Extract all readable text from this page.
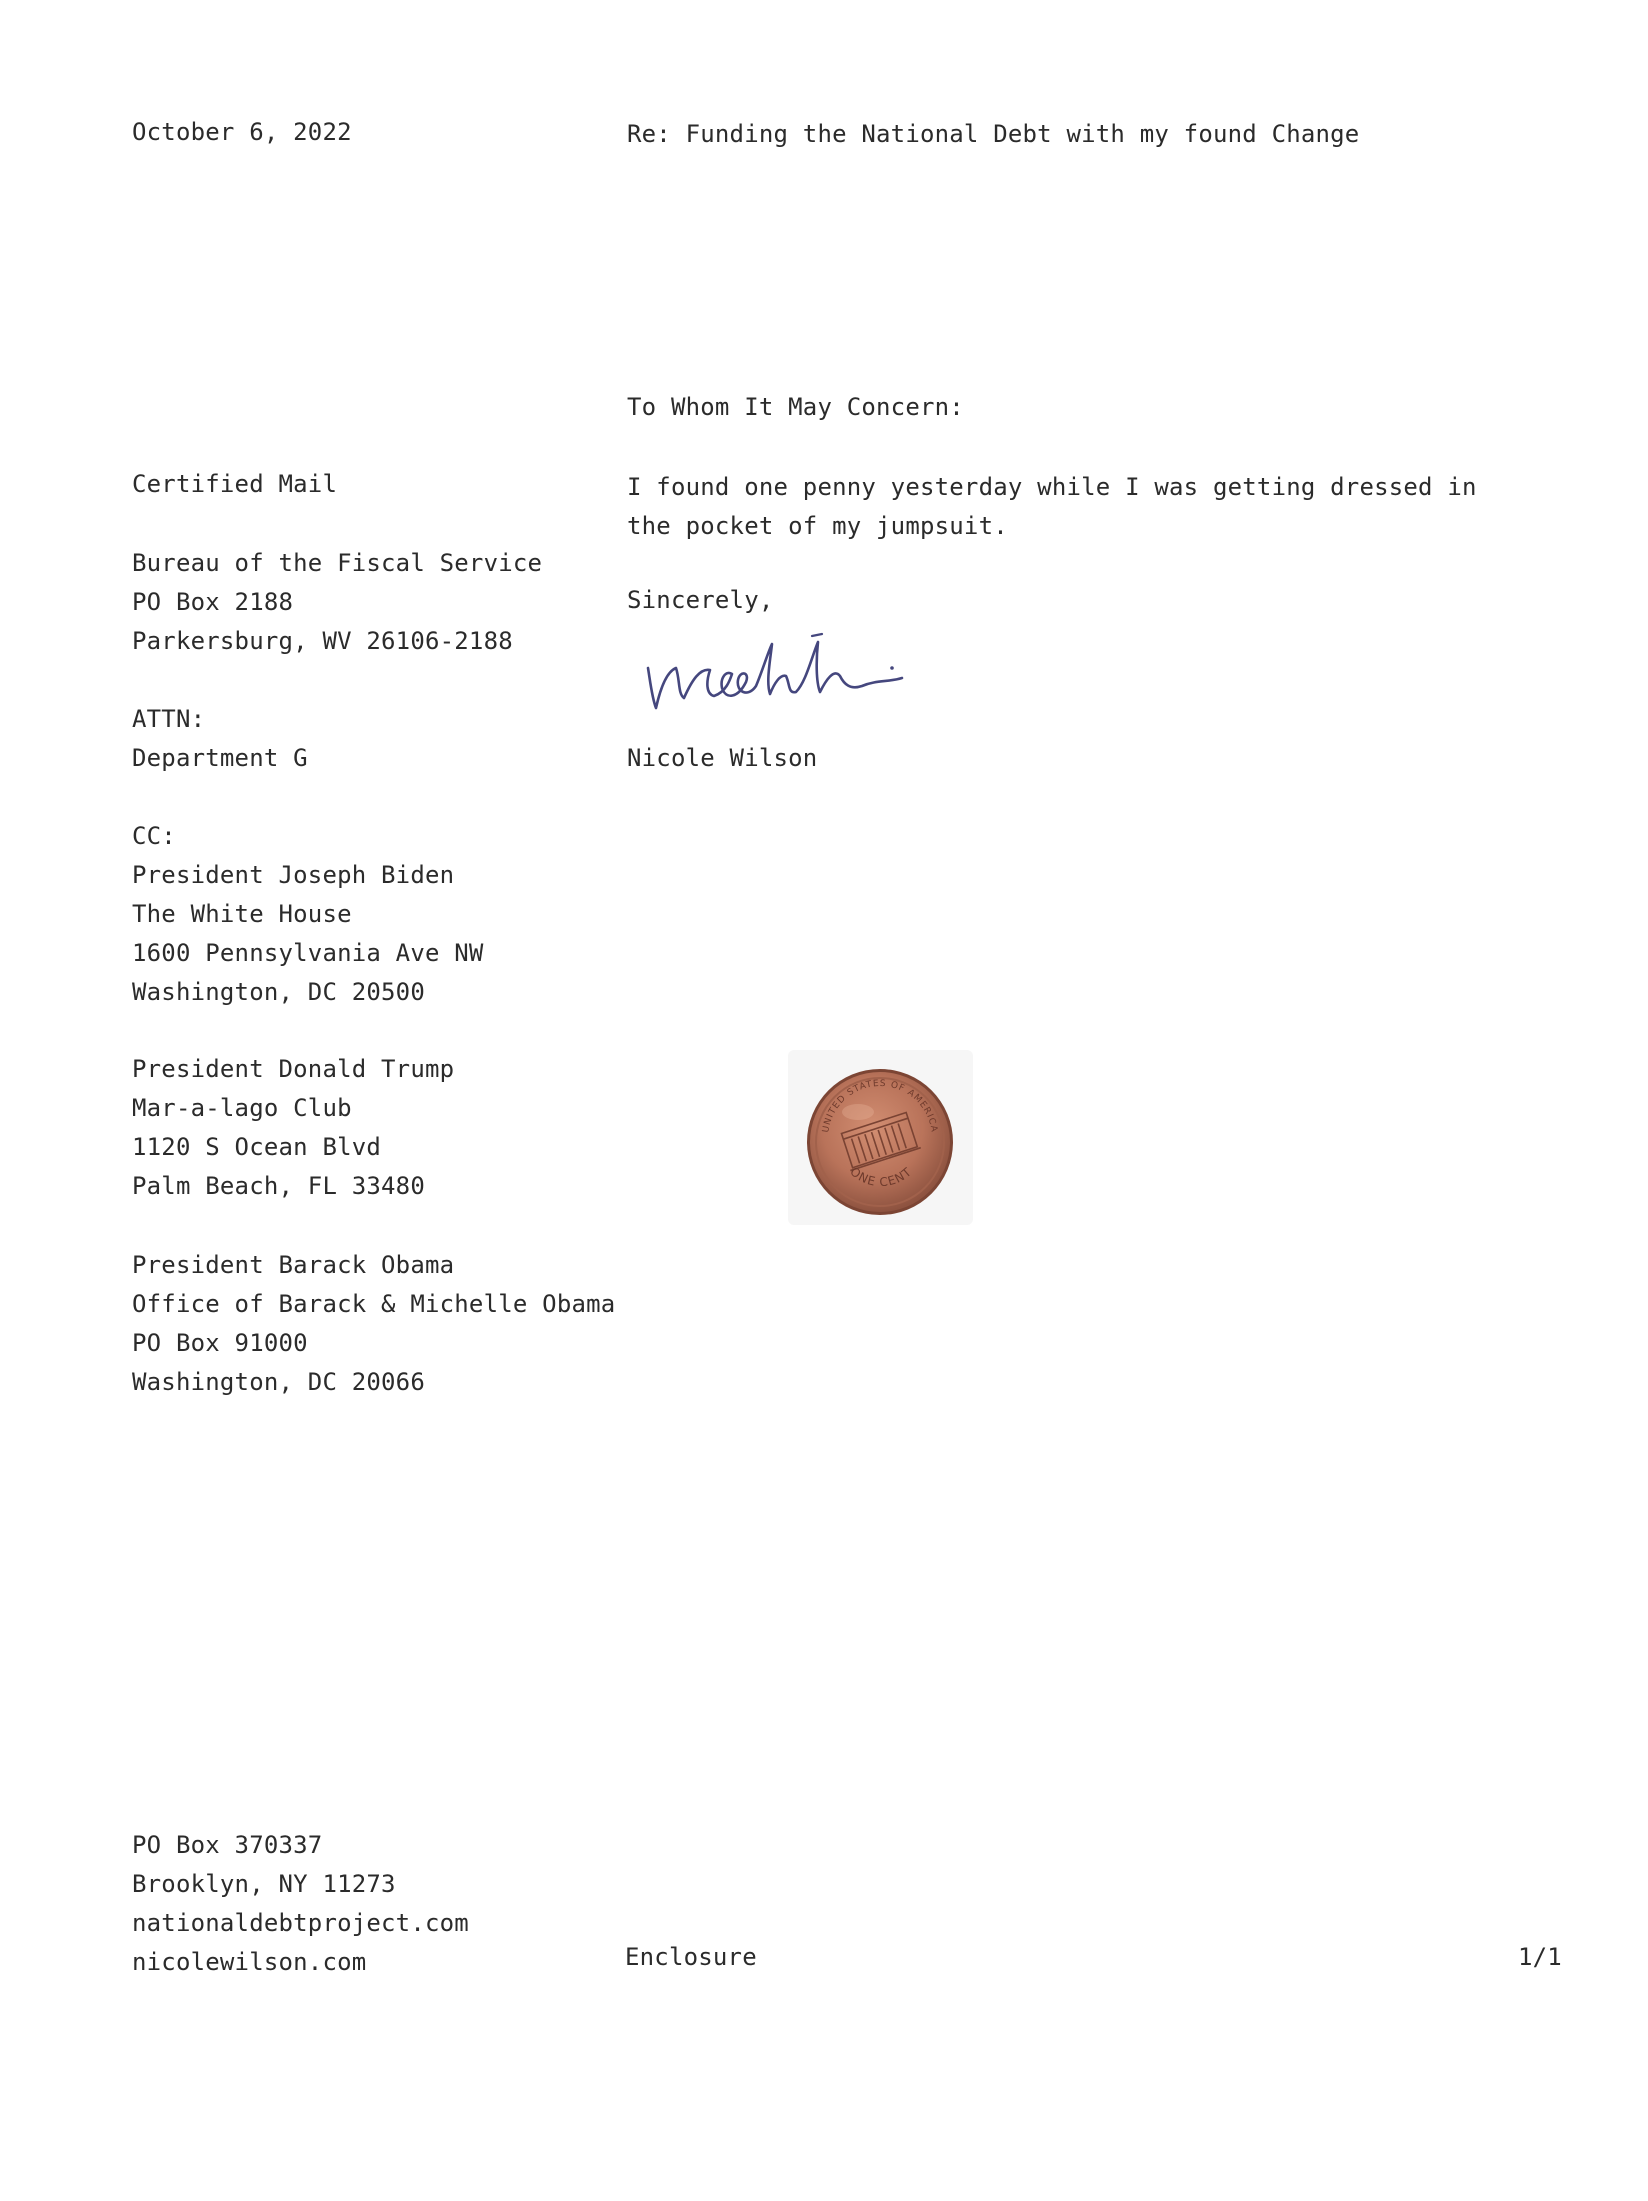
October 6, 2022	Re: Funding the National Debt with my found Change
To Whom It May Concern:
Certified Mail
Bureau of the Fiscal Service
PO Box 2188
Parkersburg, WV 26106-2188
ATTN:
Department G
CC:
President Joseph Biden
The White House
1600 Pennsylvania Ave NW
Washington, DC 20500
President Donald Trump
Mar-a-lago Club
1120 S Ocean Blvd
Palm Beach, FL 33480
President Barack Obama
Office of Barack & Michelle Obama
PO Box 91000
Washington, DC 20066
I found one penny yesterday while I was getting dressed in the pocket of my jumpsuit.
Sincerely,
Nicole Wilson
UNITED STATES OF AMERICA
ONE CENT
PO Box 370337
Brooklyn, NY 11273
nationaldebtproject.com
nicolewilson.com	Enclosure	1/1
